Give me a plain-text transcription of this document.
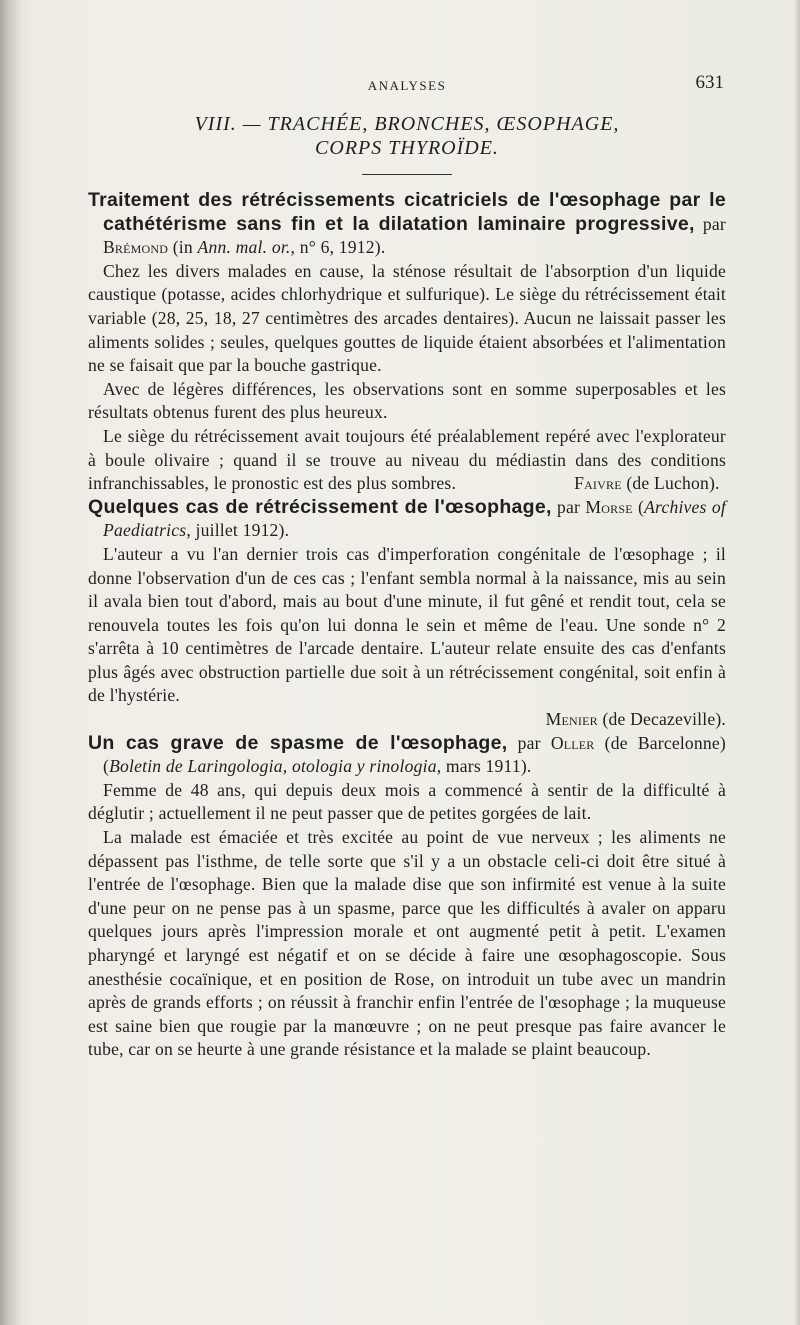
ANALYSES	631
VIII. — TRACHÉE, BRONCHES, ŒSOPHAGE,
CORPS THYROÏDE.

Traitement des rétrécissements cicatriciels de l'œsophage par le cathétérisme sans fin et la dilatation laminaire progressive, par Brémond (in Ann. mal. or., n° 6, 1912).

Chez les divers malades en cause, la sténose résultait de l'absorption d'un liquide caustique (potasse, acides chlorhydrique et sulfurique). Le siège du rétrécissement était variable (28, 25, 18, 27 centimètres des arcades dentaires). Aucun ne laissait passer les aliments solides ; seules, quelques gouttes de liquide étaient absorbées et l'alimentation ne se faisait que par la bouche gastrique.

Avec de légères différences, les observations sont en somme superposables et les résultats obtenus furent des plus heureux.

Le siège du rétrécissement avait toujours été préalablement repéré avec l'explorateur à boule olivaire ; quand il se trouve au niveau du médiastin dans des conditions infranchissables, le pronostic est des plus sombres.	Faivre (de Luchon).

Quelques cas de rétrécissement de l'œsophage, par Morse (Archives of Paediatrics, juillet 1912).

L'auteur a vu l'an dernier trois cas d'imperforation congénitale de l'œsophage ; il donne l'observation d'un de ces cas ; l'enfant sembla normal à la naissance, mis au sein il avala bien tout d'abord, mais au bout d'une minute, il fut gêné et rendit tout, cela se renouvela toutes les fois qu'on lui donna le sein et même de l'eau. Une sonde n° 2 s'arrêta à 10 centimètres de l'arcade dentaire. L'auteur relate ensuite des cas d'enfants plus âgés avec obstruction partielle due soit à un rétrécissement congénital, soit enfin à de l'hystérie.

Menier (de Decazeville).

Un cas grave de spasme de l'œsophage, par Oller (de Barcelonne) (Boletin de Laringologia, otologia y rinologia, mars 1911).

Femme de 48 ans, qui depuis deux mois a commencé à sentir de la difficulté à déglutir ; actuellement il ne peut passer que de petites gorgées de lait.

La malade est émaciée et très excitée au point de vue nerveux ; les aliments ne dépassent pas l'isthme, de telle sorte que s'il y a un obstacle celi-ci doit être situé à l'entrée de l'œsophage. Bien que la malade dise que son infirmité est venue à la suite d'une peur on ne pense pas à un spasme, parce que les difficultés à avaler on apparu quelques jours après l'impression morale et ont augmenté petit à petit. L'examen pharyngé et laryngé est négatif et on se décide à faire une œsophagoscopie. Sous anesthésie cocaïnique, et en position de Rose, on introduit un tube avec un mandrin après de grands efforts ; on réussit à franchir enfin l'entrée de l'œsophage ; la muqueuse est saine bien que rougie par la manœuvre ; on ne peut presque pas faire avancer le tube, car on se heurte à une grande résistance et la malade se plaint beaucoup.
